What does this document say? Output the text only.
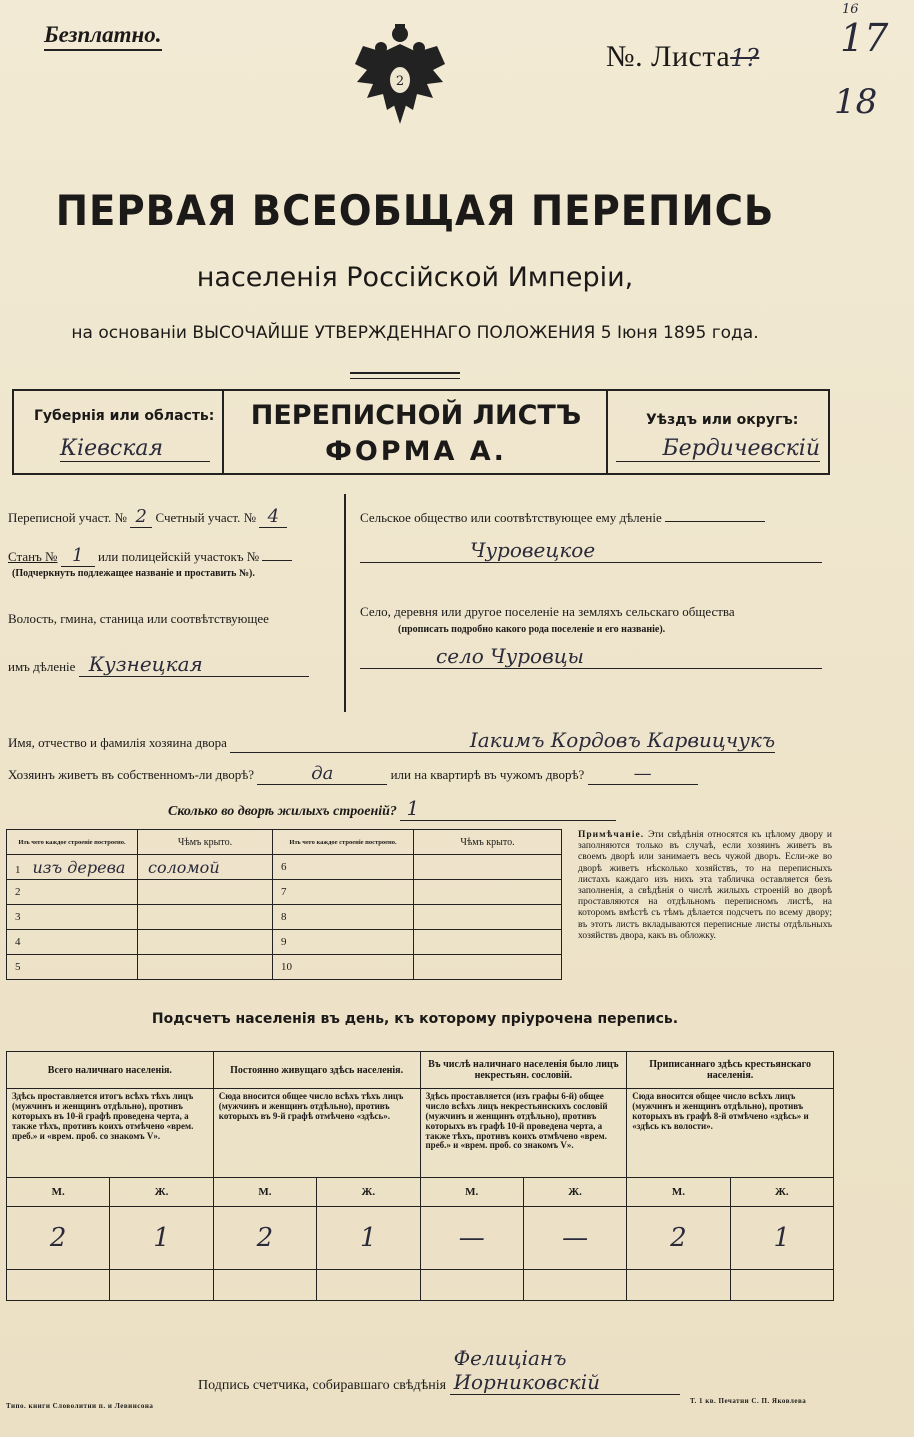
Безплатно.
2
№. Листа1?
16
17
18
ПЕРВАЯ ВСЕОБЩАЯ ПЕРЕПИСЬ
населенія Россійской Имперіи,
на основаніи ВЫСОЧАЙШЕ УТВЕРЖДЕННАГО ПОЛОЖЕНИЯ 5 Іюня 1895 года.
Губернія или область:
Кіевская
ПЕРЕПИСНОЙ ЛИСТЪ
ФОРМА А.
Уѣздъ или округъ:
Бердичевскій
Переписной участ. № 2 Счетный участ. № 4
Станъ № 1 или полицейскій участокъ №
(Подчеркнуть подлежащее названіе и проставить №).
Волость, гмина, станица или соотвѣтствующее
имъ дѣленіе Кузнецкая
Сельское общество или соотвѣтствующее ему дѣленіе
Чуровецкое
Село, деревня или другое поселеніе на земляхъ сельскаго общества
(прописать подробно какого рода поселеніе и его названіе).
село Чуровцы
Имя, отчество и фамилія хозяина двора	Іакимъ Кордовъ Карвицчукъ
Хозяинъ живетъ въ собственномъ-ли дворѣ?	да	или на квартирѣ въ чужомъ дворѣ?	—
Сколько во дворѣ жилыхъ строеній? 1
Изъ чего каждое строеніе построено.	Чѣмъ крыто.	Изъ чего каждое строеніе построено.	Чѣмъ крыто.
1 изъ дерева	соломой	6	
2		7	
3		8	
4		9	
5		10	
Примѣчаніе. Эти свѣдѣнія относятся къ цѣлому двору и заполняются только въ случаѣ, если хозяинъ живетъ въ своемъ дворѣ или занимаетъ весь чужой дворъ. Если-же во дворѣ живетъ нѣсколько хозяйствъ, то на переписныхъ листахъ каждаго изъ нихъ эта табличка оставляется безъ заполненія, а свѣдѣнія о числѣ жилыхъ строеній во дворѣ проставляются на отдѣльномъ переписномъ листѣ, на которомъ вмѣстѣ съ тѣмъ дѣлается подсчетъ по всему двору; въ этотъ листъ вкладываются переписные листы отдѣльныхъ хозяйствъ двора, какъ въ обложку.
Подсчетъ населенія въ день, къ которому пріурочена перепись.
Всего наличнаго населенія.		Постоянно живущаго здѣсь населенія.		Въ числѣ наличнаго населенія было лицъ некрестьян. сословій.		Приписаннаго здѣсь крестьянскаго населенія.	
Здѣсь проставляется итогъ всѣхъ тѣхъ лицъ (мужчинъ и женщинъ отдѣльно), противъ которыхъ въ 10-й графѣ проведена черта, а также тѣхъ, противъ коихъ отмѣчено «врем. преб.» и «врем. проб. со знакомъ V».		Сюда вносится общее число всѣхъ тѣхъ лицъ (мужчинъ и женщинъ отдѣльно), противъ которыхъ въ 9-й графѣ отмѣчено «здѣсь».		Здѣсь проставляется (изъ графы 6-й) общее число всѣхъ лицъ некрестьянскихъ сословій (мужчинъ и женщинъ отдѣльно), противъ которыхъ въ графѣ 10-й проведена черта, а также тѣхъ, противъ коихъ отмѣчено «врем. преб.» и «врем. проб. со знакомъ V».		Сюда вносится общее число всѣхъ лицъ (мужчинъ и женщинъ отдѣльно), противъ которыхъ въ графѣ 8-й отмѣчено «здѣсь» и «здѣсь къ волости».	
М.	Ж.	М.	Ж.	М.	Ж.	М.	Ж.
2	1	2	1	—	—	2	1

Подпись счетчика, собиравшаго свѣдѣнія Фелиціанъ Иорниковскій
Типо. книги Словолитни п. и Левинсона
Т. 1 кв. Печатни С. П. Яковлева
